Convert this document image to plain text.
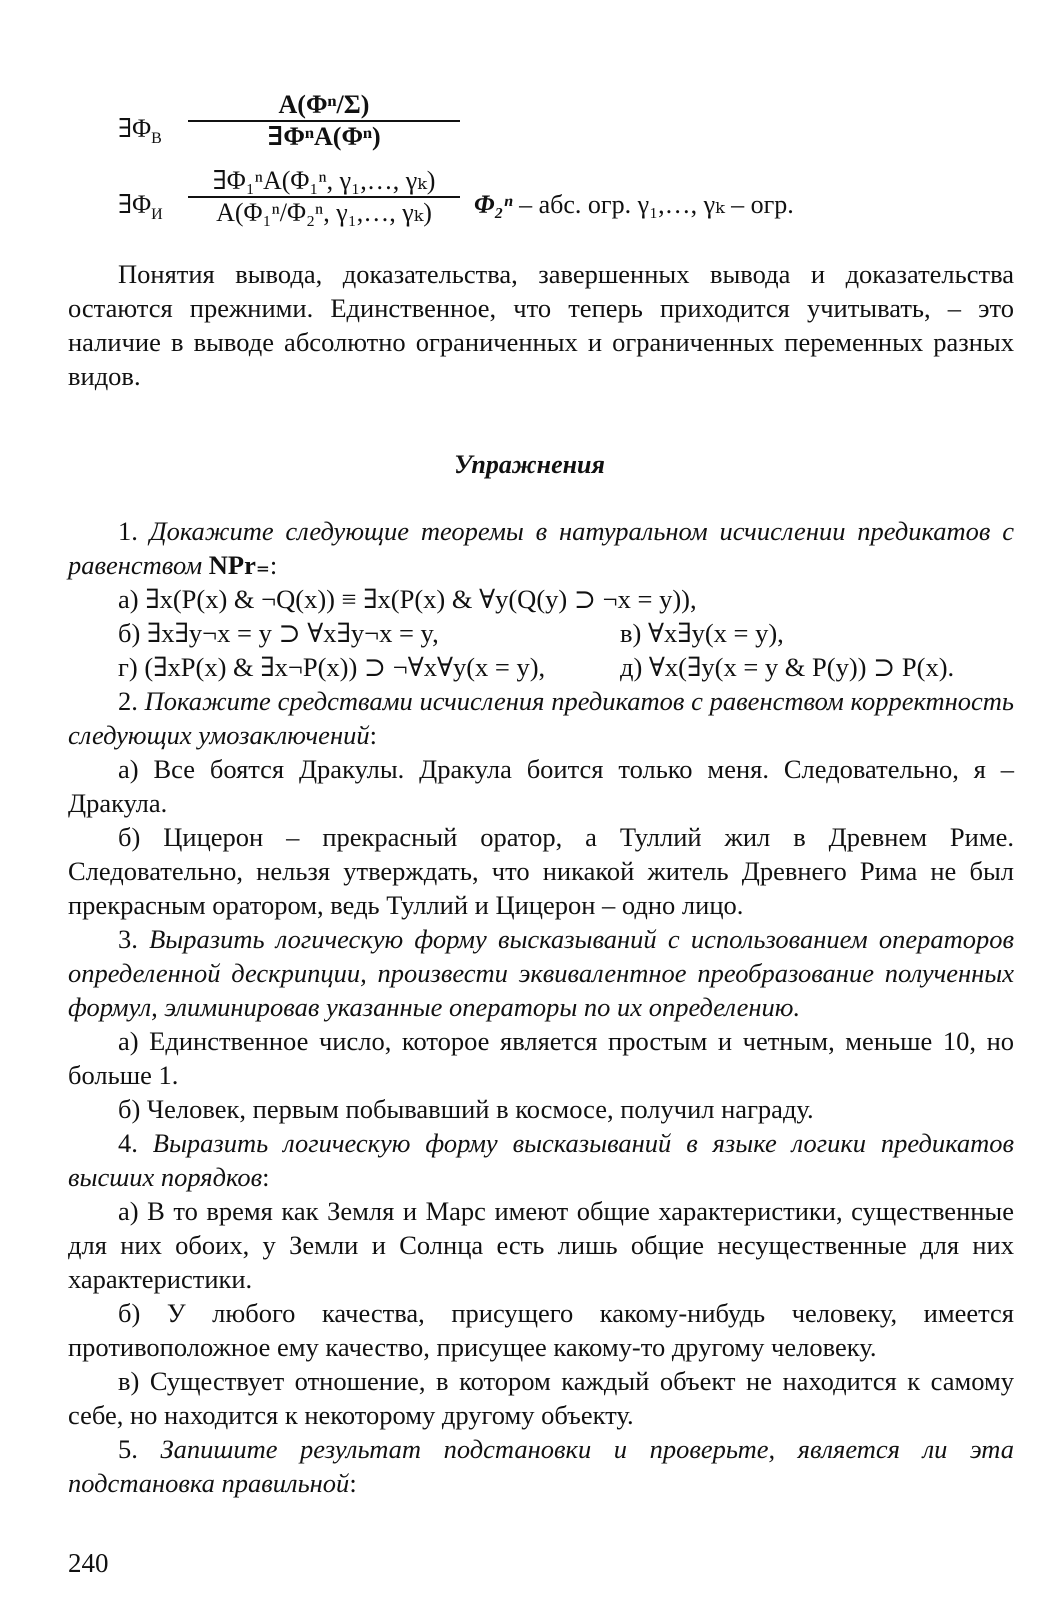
$\exists\Phi_В$
A(Φⁿ/Σ)
∃ΦⁿA(Φⁿ)
$\exists\Phi_И$
∃Φ₁ⁿA(Φ₁ⁿ, γ₁,…, γₖ)
A(Φ₁ⁿ/Φ₂ⁿ, γ₁,…, γₖ)	Φ₂ⁿ – абс. огр. γ₁,…, γₖ – огр.

Понятия вывода, доказательства, завершенных вывода и доказательства остаются прежними. Единственное, что теперь приходится учитывать, – это наличие в выводе абсолютно ограниченных и ограниченных переменных разных видов.

Упражнения

1. Докажите следующие теоремы в натуральном исчислении предикатов с равенством NPr₌:

а) ∃x(P(x) & ¬Q(x)) ≡ ∃x(P(x) & ∀y(Q(y) ⊃ ¬x = y)),

б) ∃x∃y¬x = y ⊃ ∀x∃y¬x = y,	в) ∀x∃y(x = y),
г) (∃xP(x) & ∃x¬P(x)) ⊃ ¬∀x∀y(x = y),	д) ∀x(∃y(x = y & P(y)) ⊃ P(x).

2. Покажите средствами исчисления предикатов с равенством корректность следующих умозаключений:

а) Все боятся Дракулы. Дракула боится только меня. Следовательно, я – Дракула.

б) Цицерон – прекрасный оратор, а Туллий жил в Древнем Риме. Следовательно, нельзя утверждать, что никакой житель Древнего Рима не был прекрасным оратором, ведь Туллий и Цицерон – одно лицо.

3. Выразить логическую форму высказываний с использованием операторов определенной дескрипции, произвести эквивалентное преобразование полученных формул, элиминировав указанные операторы по их определению.

а) Единственное число, которое является простым и четным, меньше 10, но больше 1.

б) Человек, первым побывавший в космосе, получил награду.

4. Выразить логическую форму высказываний в языке логики предикатов высших порядков:

а) В то время как Земля и Марс имеют общие характеристики, существенные для них обоих, у Земли и Солнца есть лишь общие несущественные для них характеристики.

б) У любого качества, присущего какому-нибудь человеку, имеется противоположное ему качество, присущее какому-то другому человеку.

в) Существует отношение, в котором каждый объект не находится к самому себе, но находится к некоторому другому объекту.

5. Запишите результат подстановки и проверьте, является ли эта подстановка правильной:

240
